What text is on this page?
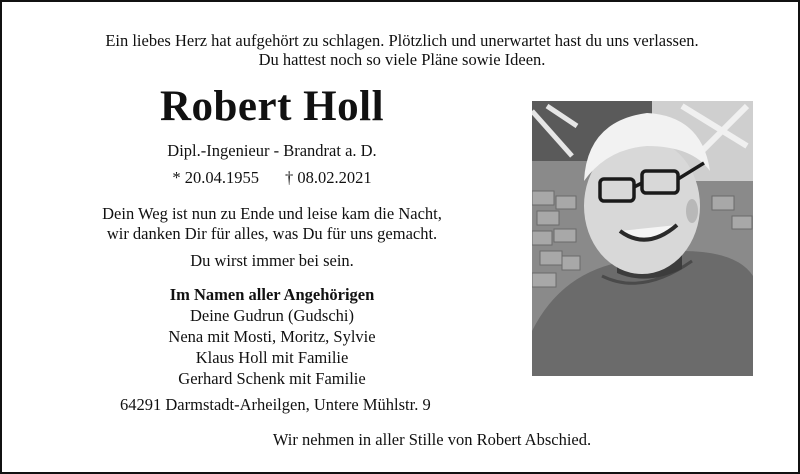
Ein liebes Herz hat aufgehört zu schlagen. Plötzlich und unerwartet hast du uns verlassen.
Du hattest noch so viele Pläne sowie Ideen.
Robert Holl
Dipl.-Ingenieur - Brandrat a. D.
* 20.04.1955 † 08.02.2021
Dein Weg ist nun zu Ende und leise kam die Nacht,
wir danken Dir für alles, was Du für uns gemacht.
Du wirst immer bei sein.
Im Namen aller Angehörigen
Deine Gudrun (Gudschi)
Nena mit Mosti, Moritz, Sylvie
Klaus Holl mit Familie
Gerhard Schenk mit Familie
64291 Darmstadt-Arheilgen, Untere Mühlstr. 9
Wir nehmen in aller Stille von Robert Abschied.
